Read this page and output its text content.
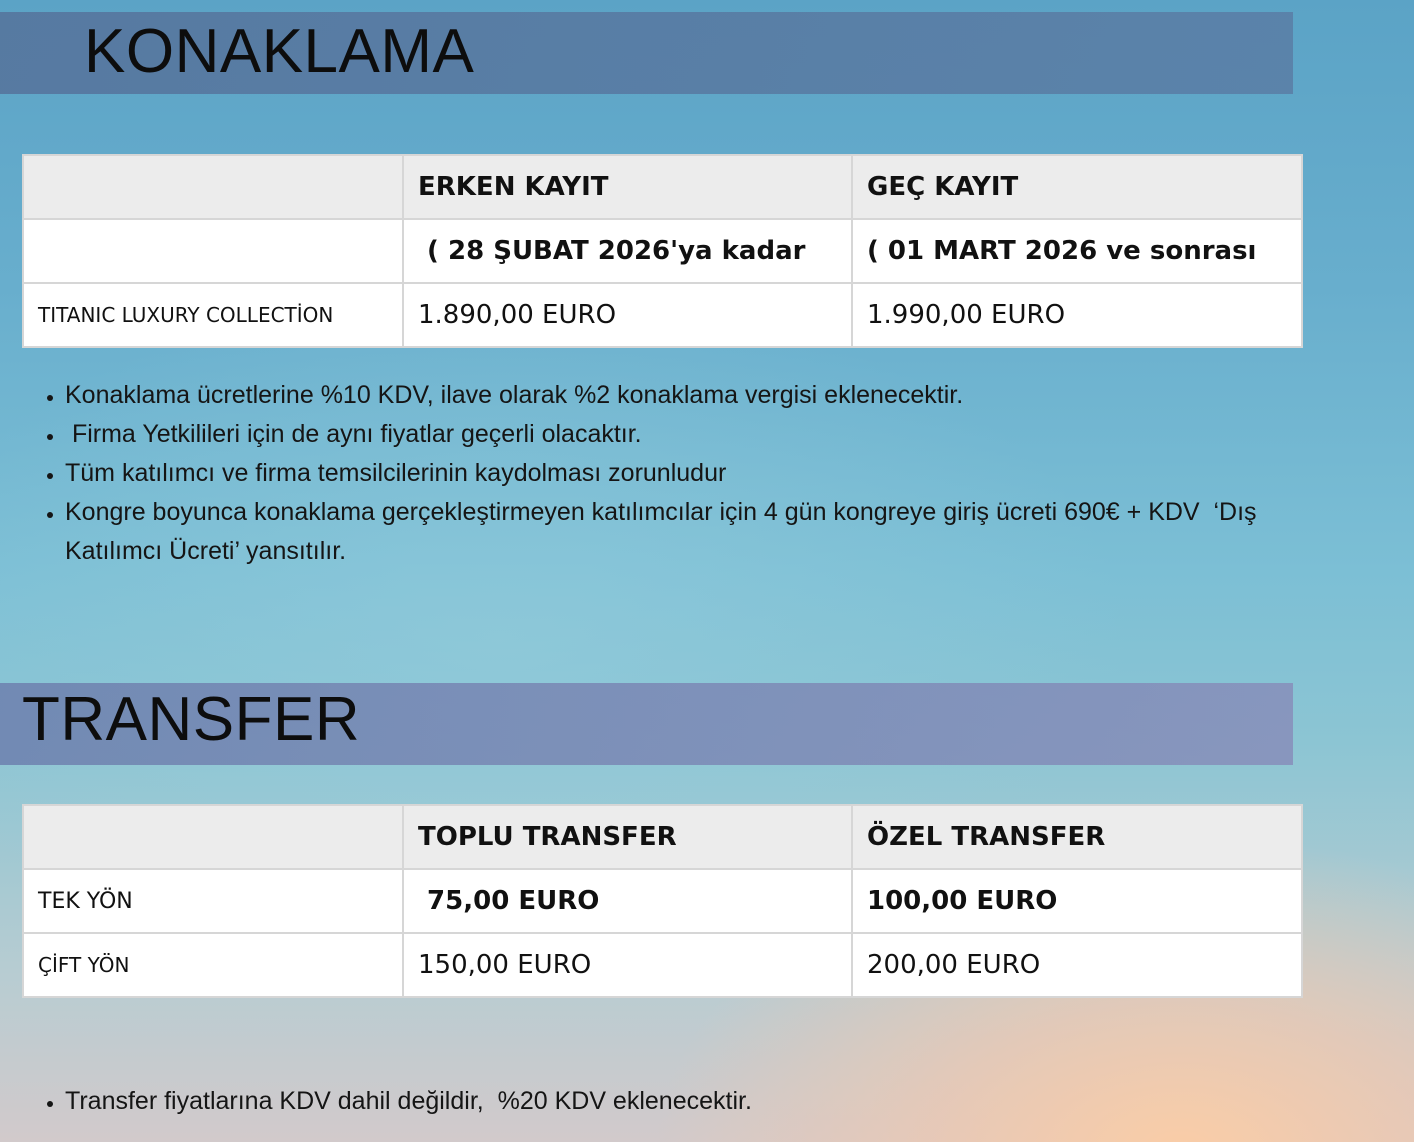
KONAKLAMA
	ERKEN KAYIT	GEÇ KAYIT
	( 28 ŞUBAT 2026'ya kadar	( 01 MART 2026 ve sonrası
TITANIC LUXURY COLLECTİON	1.890,00 EURO	1.990,00 EURO
• Konaklama ücretlerine %10 KDV, ilave olarak %2 konaklama vergisi eklenecektir.
•  Firma Yetkilileri için de aynı fiyatlar geçerli olacaktır.
• Tüm katılımcı ve firma temsilcilerinin kaydolması zorunludur
• Kongre boyunca konaklama gerçekleştirmeyen katılımcılar için 4 gün kongreye giriş ücreti 690€ + KDV  ‘Dış Katılımcı Ücreti’ yansıtılır.
TRANSFER
	TOPLU TRANSFER	ÖZEL TRANSFER
TEK YÖN	75,00 EURO	100,00 EURO
ÇİFT YÖN	150,00 EURO	200,00 EURO
• Transfer fiyatlarına KDV dahil değildir,  %20 KDV eklenecektir.
